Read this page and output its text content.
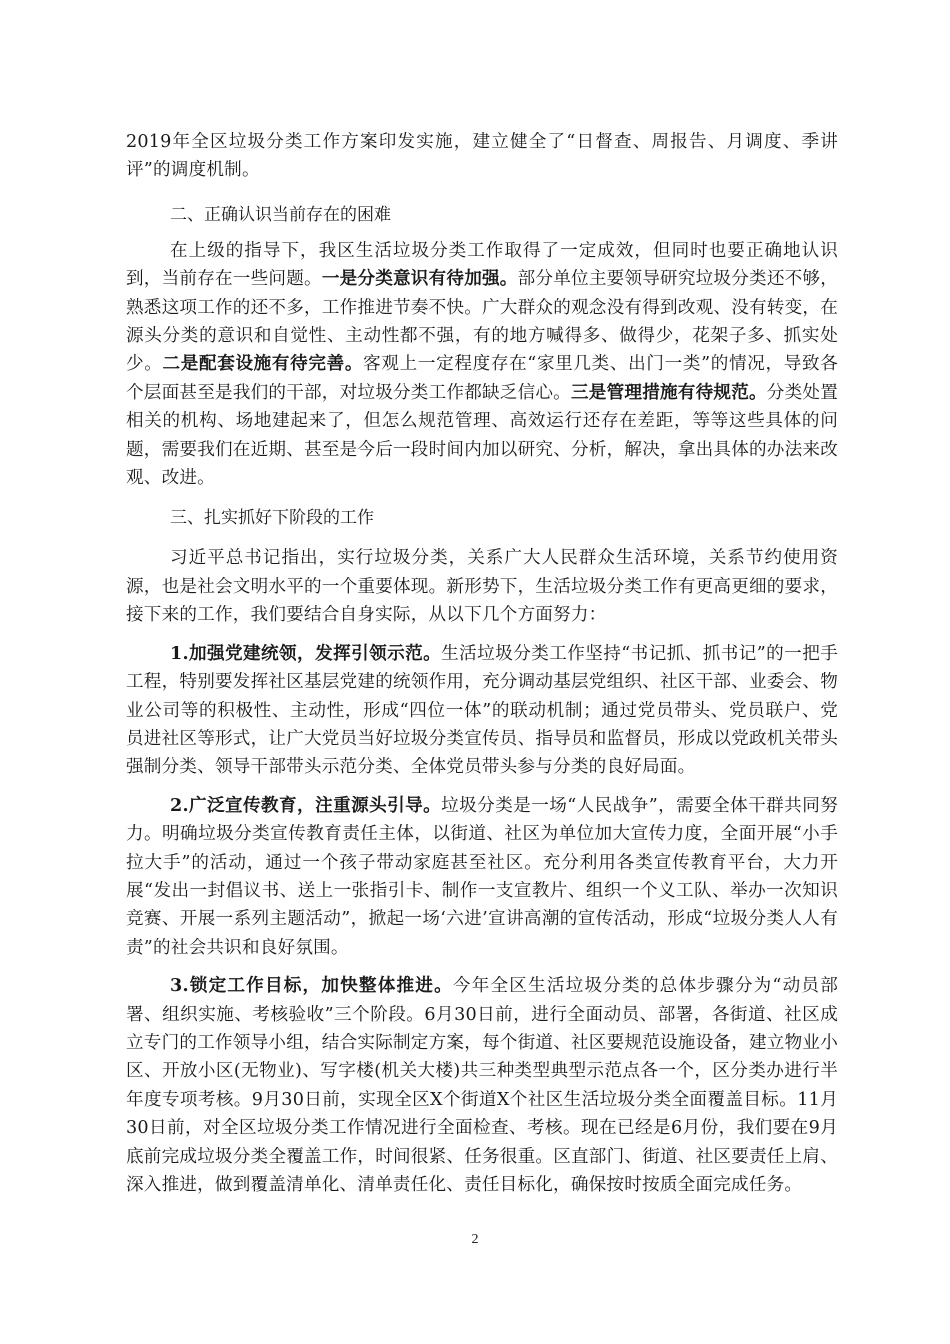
2019年全区垃圾分类工作方案印发实施，建立健全了“日督查、周报告、月调度、季讲评”的调度机制。

二、正确认识当前存在的困难

在上级的指导下，我区生活垃圾分类工作取得了一定成效，但同时也要正确地认识到，当前存在一些问题。一是分类意识有待加强。部分单位主要领导研究垃圾分类还不够，熟悉这项工作的还不多，工作推进节奏不快。广大群众的观念没有得到改观、没有转变，在源头分类的意识和自觉性、主动性都不强，有的地方喊得多、做得少，花架子多、抓实处少。二是配套设施有待完善。客观上一定程度存在“家里几类、出门一类”的情况，导致各个层面甚至是我们的干部，对垃圾分类工作都缺乏信心。三是管理措施有待规范。分类处置相关的机构、场地建起来了，但怎么规范管理、高效运行还存在差距，等等这些具体的问题，需要我们在近期、甚至是今后一段时间内加以研究、分析，解决，拿出具体的办法来改观、改进。

三、扎实抓好下阶段的工作

习近平总书记指出，实行垃圾分类，关系广大人民群众生活环境，关系节约使用资源，也是社会文明水平的一个重要体现。新形势下，生活垃圾分类工作有更高更细的要求，接下来的工作，我们要结合自身实际，从以下几个方面努力：

1.加强党建统领，发挥引领示范。生活垃圾分类工作坚持“书记抓、抓书记”的一把手工程，特别要发挥社区基层党建的统领作用，充分调动基层党组织、社区干部、业委会、物业公司等的积极性、主动性，形成“四位一体”的联动机制；通过党员带头、党员联户、党员进社区等形式，让广大党员当好垃圾分类宣传员、指导员和监督员，形成以党政机关带头强制分类、领导干部带头示范分类、全体党员带头参与分类的良好局面。

2.广泛宣传教育，注重源头引导。垃圾分类是一场“人民战争”，需要全体干群共同努力。明确垃圾分类宣传教育责任主体，以街道、社区为单位加大宣传力度，全面开展“小手拉大手”的活动，通过一个孩子带动家庭甚至社区。充分利用各类宣传教育平台，大力开展“发出一封倡议书、送上一张指引卡、制作一支宣教片、组织一个义工队、举办一次知识竞赛、开展一系列主题活动”，掀起一场‘六进’宣讲高潮的宣传活动，形成“垃圾分类人人有责”的社会共识和良好氛围。

3.锁定工作目标，加快整体推进。今年全区生活垃圾分类的总体步骤分为“动员部署、组织实施、考核验收”三个阶段。6月30日前，进行全面动员、部署，各街道、社区成立专门的工作领导小组，结合实际制定方案，每个街道、社区要规范设施设备，建立物业小区、开放小区(无物业)、写字楼(机关大楼)共三种类型典型示范点各一个，区分类办进行半年度专项考核。9月30日前，实现全区X个街道X个社区生活垃圾分类全面覆盖目标。11月30日前，对全区垃圾分类工作情况进行全面检查、考核。现在已经是6月份，我们要在9月底前完成垃圾分类全覆盖工作，时间很紧、任务很重。区直部门、街道、社区要责任上肩、深入推进，做到覆盖清单化、清单责任化、责任目标化，确保按时按质全面完成任务。

2
